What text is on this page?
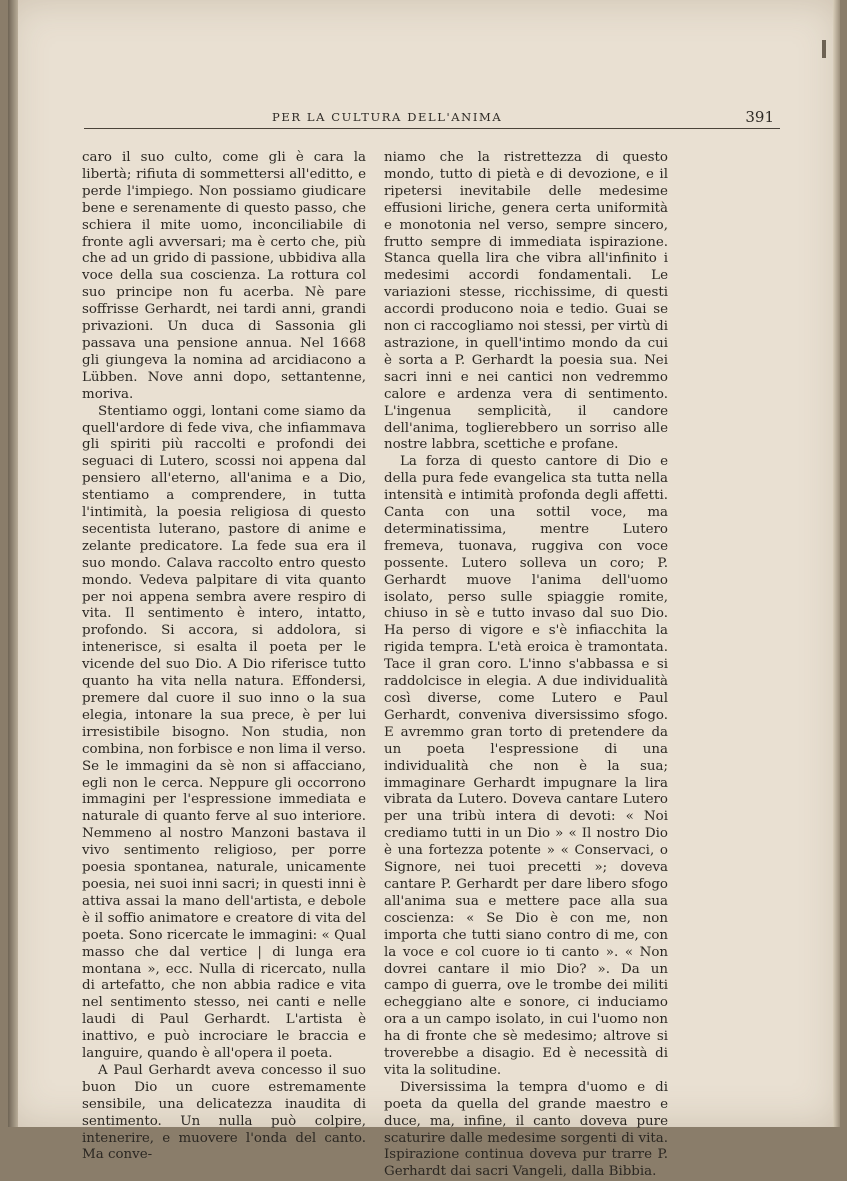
PER LA CULTURA DELL'ANIMA	391

caro il suo culto, come gli è cara la libertà; rifiuta di sommettersi all'editto, e perde l'impiego. Non possiamo giudicare bene e serenamente di questo passo, che schiera il mite uomo, inconciliabile di fronte agli avversari; ma è certo che, più che ad un grido di passione, ubbidiva alla voce della sua coscienza. La rottura col suo principe non fu acerba. Nè pare soffrisse Gerhardt, nei tardi anni, grandi privazioni. Un duca di Sassonia gli passava una pensione annua. Nel 1668 gli giungeva la nomina ad arcidiacono a Lübben. Nove anni dopo, settantenne, moriva.

Stentiamo oggi, lontani come siamo da quell'ardore di fede viva, che infiammava gli spiriti più raccolti e profondi dei seguaci di Lutero, scossi noi appena dal pensiero all'eterno, all'anima e a Dio, stentiamo a comprendere, in tutta l'intimità, la poesia religiosa di questo secentista luterano, pastore di anime e zelante predicatore. La fede sua era il suo mondo. Calava raccolto entro questo mondo. Vedeva palpitare di vita quanto per noi appena sembra avere respiro di vita. Il sentimento è intero, intatto, profondo. Si accora, si addolora, si intenerisce, si esalta il poeta per le vicende del suo Dio. A Dio riferisce tutto quanto ha vita nella natura. Effondersi, premere dal cuore il suo inno o la sua elegia, intonare la sua prece, è per lui irresistibile bisogno. Non studia, non combina, non forbisce e non lima il verso. Se le immagini da sè non si affacciano, egli non le cerca. Neppure gli occorrono immagini per l'espressione immediata e naturale di quanto ferve al suo interiore. Nemmeno al nostro Manzoni bastava il vivo sentimento religioso, per porre poesia spontanea, naturale, unicamente poesia, nei suoi inni sacri; in questi inni è attiva assai la mano dell'artista, e debole è il soffio animatore e creatore di vita del poeta. Sono ricercate le immagini: « Qual masso che dal vertice | di lunga era montana », ecc. Nulla di ricercato, nulla di artefatto, che non abbia radice e vita nel sentimento stesso, nei canti e nelle laudi di Paul Gerhardt. L'artista è inattivo, e può incrociare le braccia e languire, quando è all'opera il poeta.

A Paul Gerhardt aveva concesso il suo buon Dio un cuore estremamente sensibile, una delicatezza inaudita di sentimento. Un nulla può colpire, intenerire, e muovere l'onda del canto. Ma conve-

niamo che la ristrettezza di questo mondo, tutto di pietà e di devozione, e il ripetersi inevitabile delle medesime effusioni liriche, genera certa uniformità e monotonia nel verso, sempre sincero, frutto sempre di immediata ispirazione. Stanca quella lira che vibra all'infinito i medesimi accordi fondamentali. Le variazioni stesse, ricchissime, di questi accordi producono noia e tedio. Guai se non ci raccogliamo noi stessi, per virtù di astrazione, in quell'intimo mondo da cui è sorta a P. Gerhardt la poesia sua. Nei sacri inni e nei cantici non vedremmo calore e ardenza vera di sentimento. L'ingenua semplicità, il candore dell'anima, toglierebbero un sorriso alle nostre labbra, scettiche e profane.

La forza di questo cantore di Dio e della pura fede evangelica sta tutta nella intensità e intimità profonda degli affetti. Canta con una sottil voce, ma determinatissima, mentre Lutero fremeva, tuonava, ruggiva con voce possente. Lutero solleva un coro; P. Gerhardt muove l'anima dell'uomo isolato, perso sulle spiaggie romite, chiuso in sè e tutto invaso dal suo Dio. Ha perso di vigore e s'è infiacchita la rigida tempra. L'età eroica è tramontata. Tace il gran coro. L'inno s'abbassa e si raddolcisce in elegia. A due individualità così diverse, come Lutero e Paul Gerhardt, conveniva diversissimo sfogo. E avremmo gran torto di pretendere da un poeta l'espressione di una individualità che non è la sua; immaginare Gerhardt impugnare la lira vibrata da Lutero. Doveva cantare Lutero per una tribù intera di devoti: « Noi crediamo tutti in un Dio » « Il nostro Dio è una fortezza potente » « Conservaci, o Signore, nei tuoi precetti »; doveva cantare P. Gerhardt per dare libero sfogo all'anima sua e mettere pace alla sua coscienza: « Se Dio è con me, non importa che tutti siano contro di me, con la voce e col cuore io ti canto ». « Non dovrei cantare il mio Dio? ». Da un campo di guerra, ove le trombe dei militi echeggiano alte e sonore, ci induciamo ora a un campo isolato, in cui l'uomo non ha di fronte che sè medesimo; altrove si troverebbe a disagio. Ed è necessità di vita la solitudine.

Diversissima la tempra d'uomo e di poeta da quella del grande maestro e duce, ma, infine, il canto doveva pure scaturire dalle medesime sorgenti di vita. Ispirazione continua doveva pur trarre P. Gerhardt dai sacri Vangeli, dalla Bibbia.
